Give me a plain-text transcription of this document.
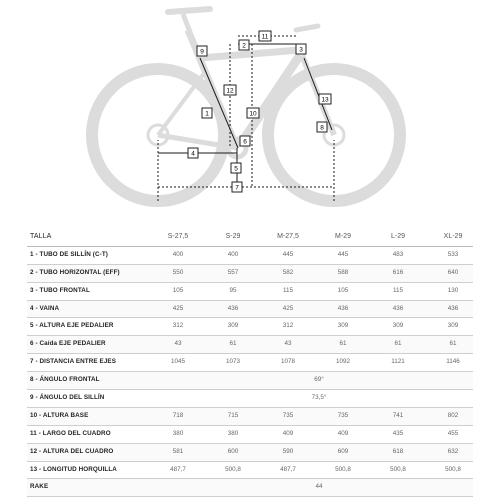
1
2
3
4
5
6
7
8
9
10
11
12
13
TALLA	S-27,5	S-29	M-27,5	M-29	L-29	XL-29
1 - TUBO DE SILLÍN (C-T)	400	400	445	445	483	533
2 - TUBO HORIZONTAL (EFF)	550	557	582	588	616	640
3 - TUBO FRONTAL	105	95	115	105	115	130
4 - VAINA	425	436	425	436	436	436
5 - ALTURA EJE PEDALIER	312	309	312	309	309	309
6 - Caída EJE PEDALIER	43	61	43	61	61	61
7 - DISTANCIA ENTRE EJES	1045	1073	1078	1092	1121	1146
8 - ÁNGULO FRONTAL	69°
9 - ÁNGULO DEL SILLÍN	73,5°
10 - ALTURA BASE	718	715	735	735	741	802
11 - LARGO DEL CUADRO	380	380	409	409	435	455
12 - ALTURA DEL CUADRO	581	600	590	609	618	632
13 - LONGITUD HORQUILLA	487,7	500,8	487,7	500,8	500,8	500,8
RAKE	44
